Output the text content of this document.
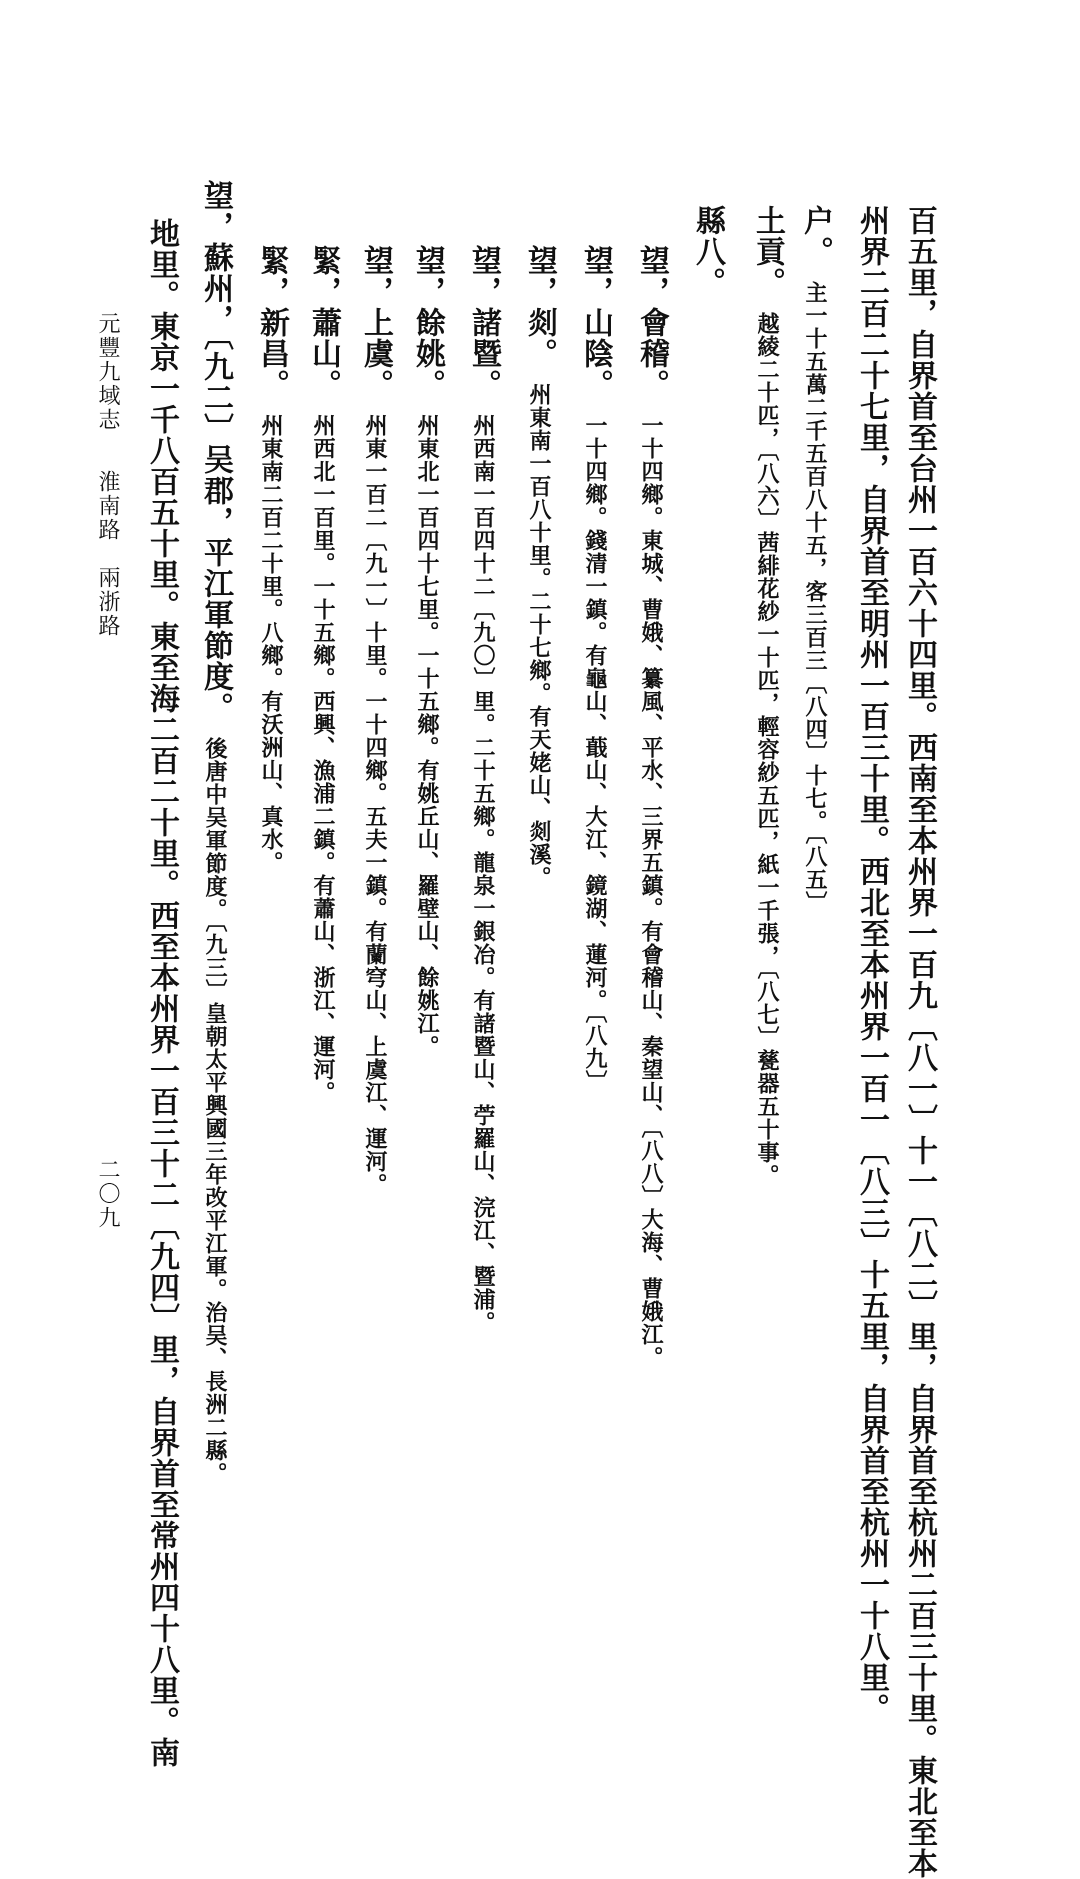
百五里，自界首至台州一百六十四里。西南至本州界一百九〔八一〕十一〔八二〕里，自界首至杭州二百三十里。東北至本
州界二百二十七里，自界首至明州一百三十里。西北至本州界一百一〔八三〕十五里，自界首至杭州一十八里。
户。主一十五萬二千五百八十五，客三百三〔八四〕十七。〔八五〕
土貢。越綾二十匹，〔八六〕茜緋花紗一十匹，輕容紗五匹，紙一千張，〔八七〕甆器五十事。
縣八。
望，會稽。一十四鄉。東城、曹娥、纂風、平水、三界五鎮。有會稽山、秦望山、〔八八〕大海、曹娥江。
望，山陰。一十四鄉。錢清一鎮。有龜山、蕺山、大江、鏡湖、蓮河。〔八九〕
望，剡。州東南一百八十里。二十七鄉。有天姥山、剡溪。
望，諸暨。州西南一百四十二〔九〇〕里。二十五鄉。龍泉一銀冶。有諸暨山、苧羅山、浣江、暨浦。
望，餘姚。州東北一百四十七里。一十五鄉。有姚丘山、羅壁山、餘姚江。
望，上虞。州東一百二〔九一〕十里。一十四鄉。五夫一鎮。有蘭穹山、上虞江、運河。
緊，蕭山。州西北一百里。一十五鄉。西興、漁浦二鎮。有蕭山、浙江、運河。
緊，新昌。州東南二百二十里。八鄉。有沃洲山、真水。
望，蘇州，〔九二〕吴郡，平江軍節度。後唐中吴軍節度。〔九三〕皇朝太平興國三年改平江軍。治吴、長洲二縣。
地里。東京一千八百五十里。東至海二百二十里。西至本州界一百三十二〔九四〕里，自界首至常州四十八里。南
元豐九域志
淮南路　兩浙路
二〇九
